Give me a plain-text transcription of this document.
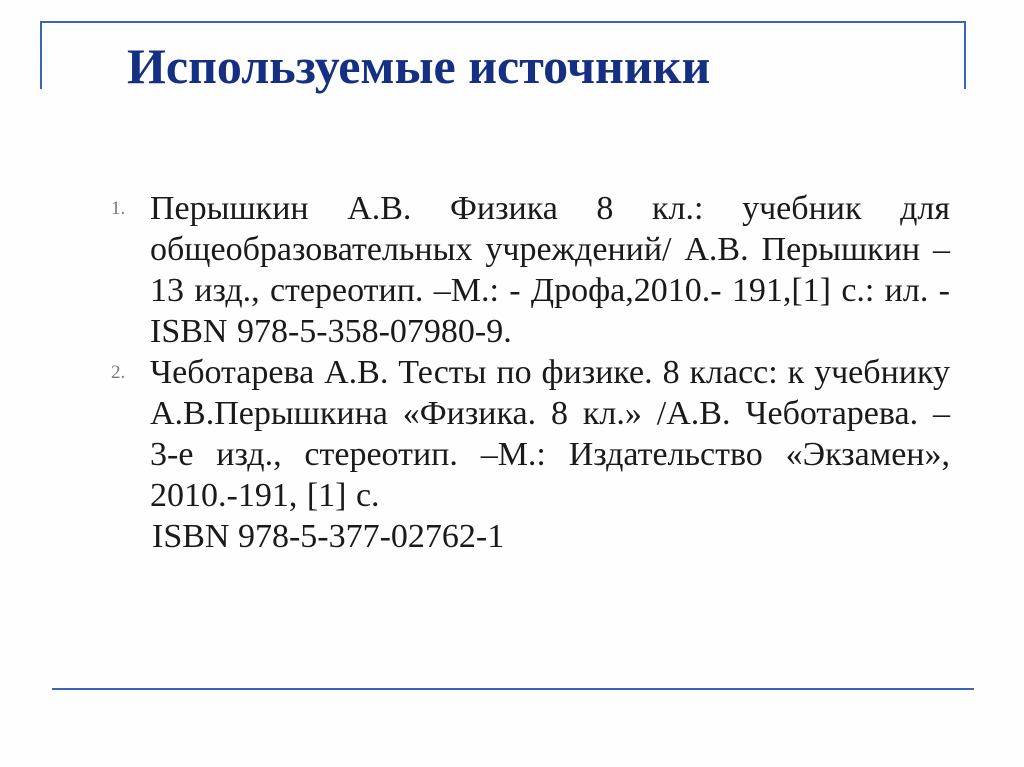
Используемые источники
1. Перышкин А.В. Физика 8 кл.: учебник для общеобразовательных учреждений/ А.В. Перышкин – 13 изд., стереотип. –М.: - Дрофа,2010.- 191,[1] с.: ил. - ISBN 978-5-358-07980-9.
2. Чеботарева А.В. Тесты по физике. 8 класс: к учебнику А.В.Перышкина «Физика. 8 кл.» /А.В. Чеботарева. – 3-е изд., стереотип. –М.: Издательство «Экзамен», 2010.-191, [1] с.
ISBN 978-5-377-02762-1
